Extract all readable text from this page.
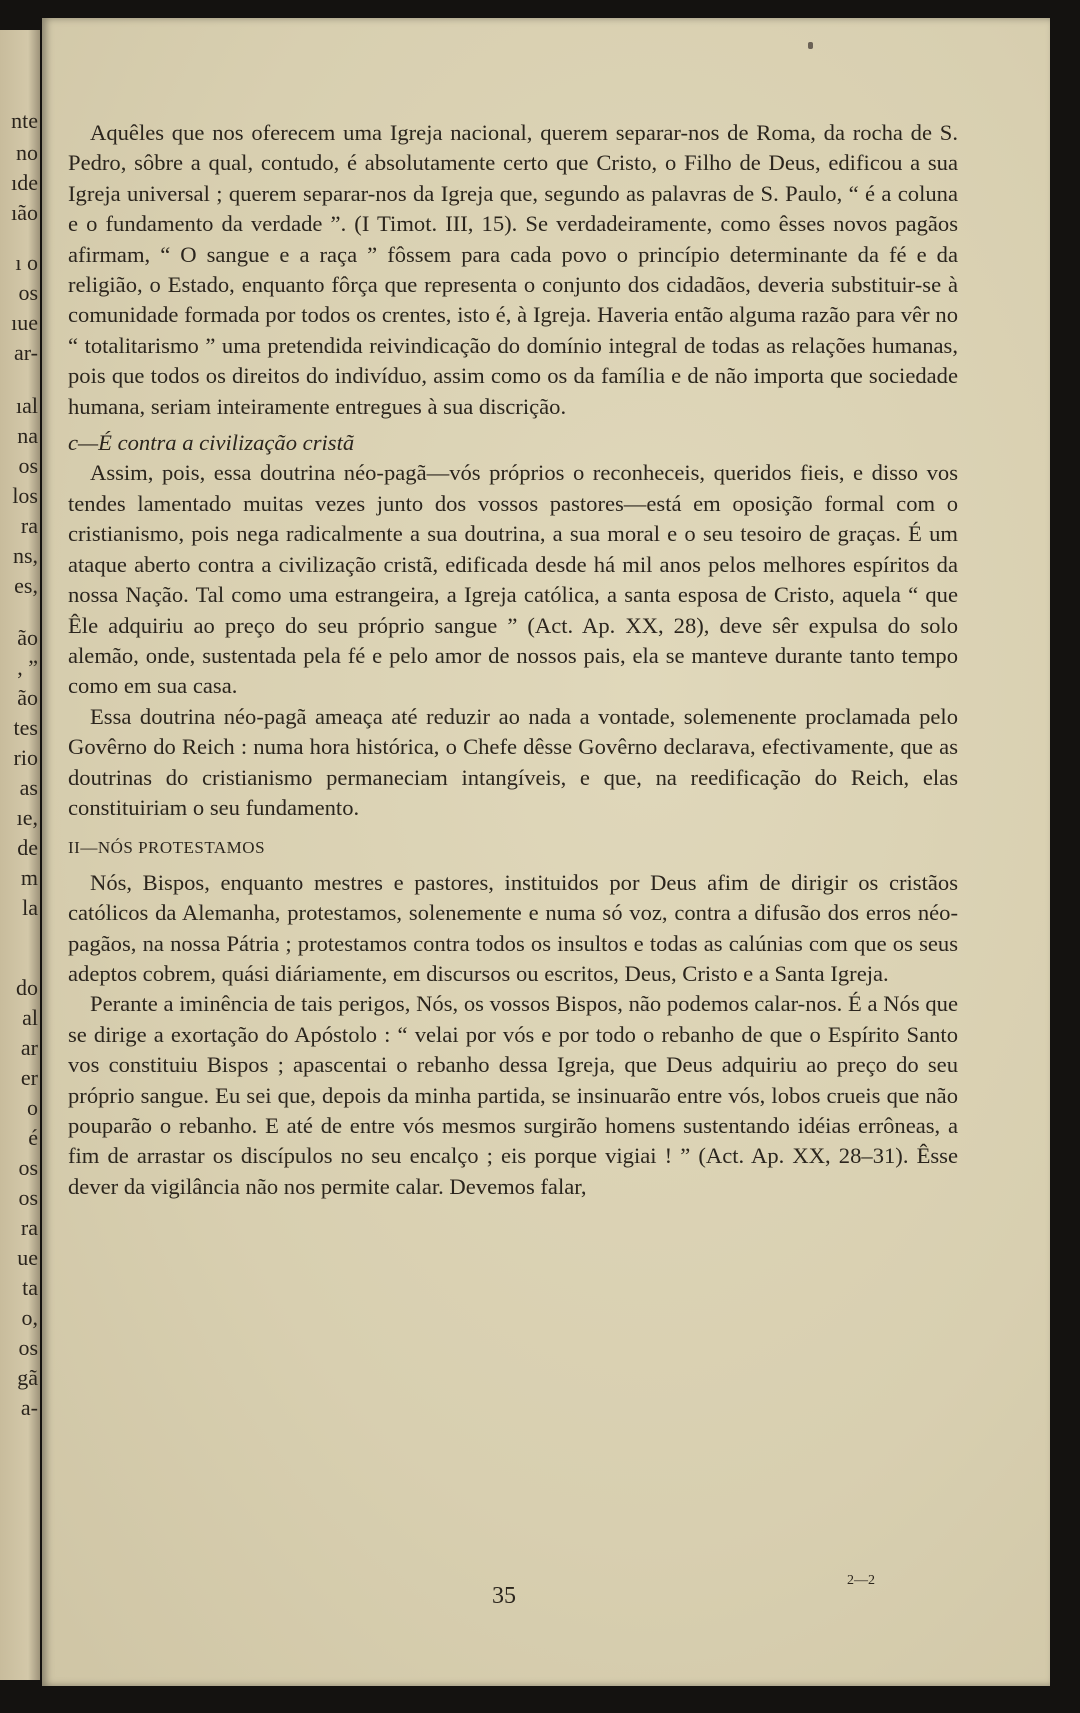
nte
no
ıde
ıão
ı o
os
ıue
ar-
ıal
na
os
los
ra
ns,
es,
ão
, ”
ão
tes
rio
as
ıe,
de
m
la
do
al
ar
er
o
é
os
os
ra
ue
ta
o,
os
gã
a-

Aquêles que nos oferecem uma Igreja nacional, querem separar-nos de Roma, da rocha de S. Pedro, sôbre a qual, contudo, é absolutamente certo que Cristo, o Filho de Deus, edificou a sua Igreja universal ; querem separar-nos da Igreja que, segundo as palavras de S. Paulo, “ é a coluna e o fundamento da verdade ”. (I Timot. III, 15). Se verdadeiramente, como êsses novos pagãos afirmam, “ O sangue e a raça ” fôssem para cada povo o princípio determinante da fé e da religião, o Estado, enquanto fôrça que representa o conjunto dos cidadãos, deveria substituir-se à comunidade formada por todos os crentes, isto é, à Igreja. Haveria então alguma razão para vêr no “ totalitarismo ” uma pretendida reivindicação do domínio integral de todas as relações humanas, pois que todos os direitos do indivíduo, assim como os da família e de não importa que sociedade humana, seriam inteiramente entregues à sua discrição.

c—É contra a civilização cristã

Assim, pois, essa doutrina néo-pagã—vós próprios o reconheceis, queridos fieis, e disso vos tendes lamentado muitas vezes junto dos vossos pastores—está em oposição formal com o cristianismo, pois nega radicalmente a sua doutrina, a sua moral e o seu tesoiro de graças. É um ataque aberto contra a civilização cristã, edificada desde há mil anos pelos melhores espíritos da nossa Nação. Tal como uma estrangeira, a Igreja católica, a santa esposa de Cristo, aquela “ que Êle adquiriu ao preço do seu próprio sangue ” (Act. Ap. XX, 28), deve sêr expulsa do solo alemão, onde, sustentada pela fé e pelo amor de nossos pais, ela se manteve durante tanto tempo como em sua casa.

Essa doutrina néo-pagã ameaça até reduzir ao nada a vontade, solemenente proclamada pelo Govêrno do Reich : numa hora histórica, o Chefe dêsse Govêrno declarava, efectivamente, que as doutrinas do cristianismo permaneciam intangíveis, e que, na reedificação do Reich, elas constituiriam o seu fundamento.

II—NÓS PROTESTAMOS

Nós, Bispos, enquanto mestres e pastores, instituidos por Deus afim de dirigir os cristãos católicos da Alemanha, protestamos, solenemente e numa só voz, contra a difusão dos erros néo-pagãos, na nossa Pátria ; protestamos contra todos os insultos e todas as calúnias com que os seus adeptos cobrem, quási diáriamente, em discursos ou escritos, Deus, Cristo e a Santa Igreja.

Perante a iminência de tais perigos, Nós, os vossos Bispos, não podemos calar-nos. É a Nós que se dirige a exortação do Apóstolo : “ velai por vós e por todo o rebanho de que o Espírito Santo vos constituiu Bispos ; apascentai o rebanho dessa Igreja, que Deus adquiriu ao preço do seu próprio sangue. Eu sei que, depois da minha partida, se insinuarão entre vós, lobos crueis que não pouparão o rebanho. E até de entre vós mesmos surgirão homens sustentando idéias errôneas, a fim de arrastar os discípulos no seu encalço ; eis porque vigiai ! ” (Act. Ap. XX, 28–31). Êsse dever da vigilância não nos permite calar. Devemos falar,

35
2—2
